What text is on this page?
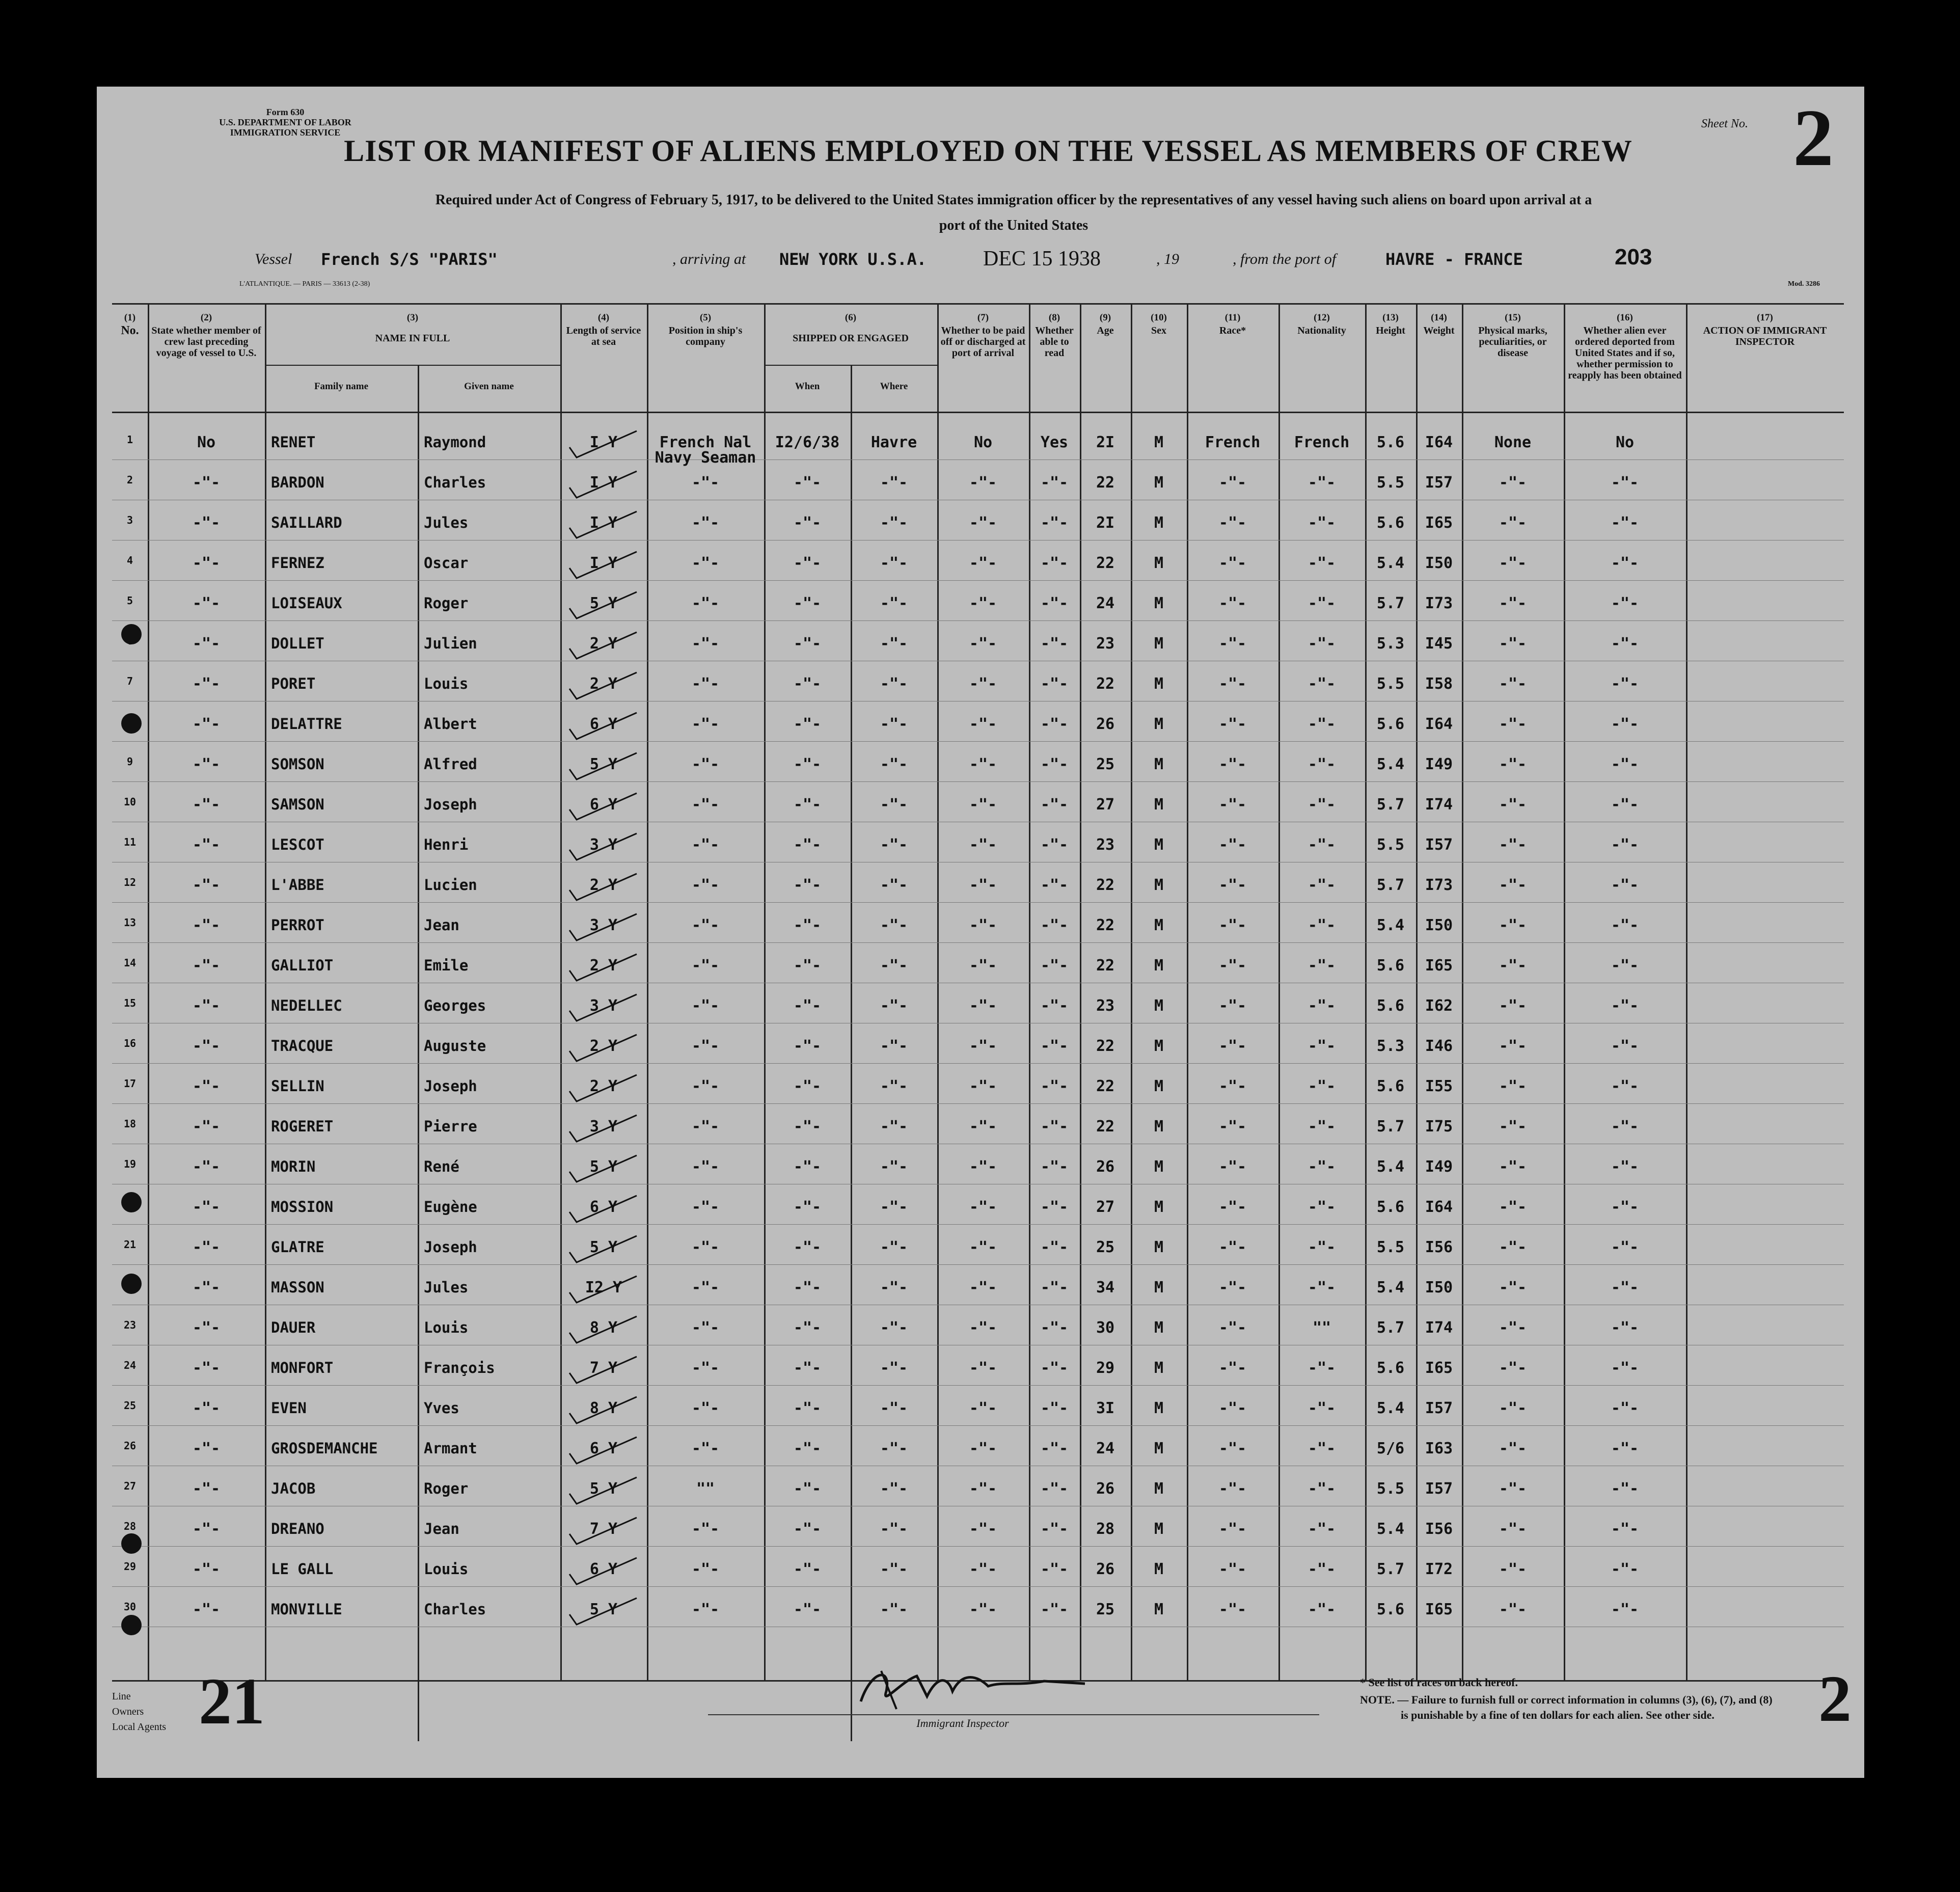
Form 630
U.S. DEPARTMENT OF LABOR
IMMIGRATION SERVICE
LIST OR MANIFEST OF ALIENS EMPLOYED ON THE VESSEL AS MEMBERS OF CREW
Sheet No. 2
Required under Act of Congress of February 5, 1917, to be delivered to the United States immigration officer by the representatives of any vessel having such aliens on board upon arrival at a
port of the United States
Vessel French S/S "PARIS"	, arriving at NEW YORK U.S.A.	DEC 15 1938	, 19	, from the port of	HAVRE - FRANCE	203
L'ATLANTIQUE. — PARIS — 33613 (2-38)	Mod. 3286
(1)
No.
(2)
State whether member of crew last preceding voyage of vessel to U.S.
(3)
NAME IN FULL
Family name	Given name
(4)
Length of service at sea
(5)
Position in ship's company
(6)
SHIPPED OR ENGAGED
When	Where
(7)
Whether to be paid off or discharged at port of arrival
(8)
Whether able to read
(9)
Age
(10)
Sex
(11)
Race*
(12)
Nationality
(13)
Height
(14)
Weight
(15)
Physical marks, peculiarities, or disease
(16)
Whether alien ever ordered deported from United States and if so, whether permission to reapply has been obtained
(17)
ACTION OF IMMIGRANT INSPECTOR
1	No	RENET	Raymond	I Y	French Nal	I2/6/38	Havre	No	Yes	2I	M	French	French	5.6	I64	None	No
Navy Seaman
2	-"-	BARDON	Charles	I Y	-"-	-"-	-"-	-"-	-"-	22	M	-"-	-"-	5.5	I57	-"-	-"-
3	-"-	SAILLARD	Jules	I Y	-"-	-"-	-"-	-"-	-"-	2I	M	-"-	-"-	5.6	I65	-"-	-"-
4	-"-	FERNEZ	Oscar	I Y	-"-	-"-	-"-	-"-	-"-	22	M	-"-	-"-	5.4	I50	-"-	-"-
5	-"-	LOISEAUX	Roger	5 Y	-"-	-"-	-"-	-"-	-"-	24	M	-"-	-"-	5.7	I73	-"-	-"-
-"-	DOLLET	Julien	2 Y	-"-	-"-	-"-	-"-	-"-	23	M	-"-	-"-	5.3	I45	-"-	-"-
7	-"-	PORET	Louis	2 Y	-"-	-"-	-"-	-"-	-"-	22	M	-"-	-"-	5.5	I58	-"-	-"-
-"-	DELATTRE	Albert	6 Y	-"-	-"-	-"-	-"-	-"-	26	M	-"-	-"-	5.6	I64	-"-	-"-
9	-"-	SOMSON	Alfred	5 Y	-"-	-"-	-"-	-"-	-"-	25	M	-"-	-"-	5.4	I49	-"-	-"-
10	-"-	SAMSON	Joseph	6 Y	-"-	-"-	-"-	-"-	-"-	27	M	-"-	-"-	5.7	I74	-"-	-"-
11	-"-	LESCOT	Henri	3 Y	-"-	-"-	-"-	-"-	-"-	23	M	-"-	-"-	5.5	I57	-"-	-"-
12	-"-	L'ABBE	Lucien	2 Y	-"-	-"-	-"-	-"-	-"-	22	M	-"-	-"-	5.7	I73	-"-	-"-
13	-"-	PERROT	Jean	3 Y	-"-	-"-	-"-	-"-	-"-	22	M	-"-	-"-	5.4	I50	-"-	-"-
14	-"-	GALLIOT	Emile	2 Y	-"-	-"-	-"-	-"-	-"-	22	M	-"-	-"-	5.6	I65	-"-	-"-
15	-"-	NEDELLEC	Georges	3 Y	-"-	-"-	-"-	-"-	-"-	23	M	-"-	-"-	5.6	I62	-"-	-"-
16	-"-	TRACQUE	Auguste	2 Y	-"-	-"-	-"-	-"-	-"-	22	M	-"-	-"-	5.3	I46	-"-	-"-
17	-"-	SELLIN	Joseph	2 Y	-"-	-"-	-"-	-"-	-"-	22	M	-"-	-"-	5.6	I55	-"-	-"-
18	-"-	ROGERET	Pierre	3 Y	-"-	-"-	-"-	-"-	-"-	22	M	-"-	-"-	5.7	I75	-"-	-"-
19	-"-	MORIN	René	5 Y	-"-	-"-	-"-	-"-	-"-	26	M	-"-	-"-	5.4	I49	-"-	-"-
-"-	MOSSION	Eugène	6 Y	-"-	-"-	-"-	-"-	-"-	27	M	-"-	-"-	5.6	I64	-"-	-"-
21	-"-	GLATRE	Joseph	5 Y	-"-	-"-	-"-	-"-	-"-	25	M	-"-	-"-	5.5	I56	-"-	-"-
-"-	MASSON	Jules	I2 Y	-"-	-"-	-"-	-"-	-"-	34	M	-"-	-"-	5.4	I50	-"-	-"-
23	-"-	DAUER	Louis	8 Y	-"-	-"-	-"-	-"-	-"-	30	M	-"-	""	5.7	I74	-"-	-"-
24	-"-	MONFORT	François	7 Y	-"-	-"-	-"-	-"-	-"-	29	M	-"-	-"-	5.6	I65	-"-	-"-
25	-"-	EVEN	Yves	8 Y	-"-	-"-	-"-	-"-	-"-	3I	M	-"-	-"-	5.4	I57	-"-	-"-
26	-"-	GROSDEMANCHE	Armant	6 Y	-"-	-"-	-"-	-"-	-"-	24	M	-"-	-"-	5/6	I63	-"-	-"-
27	-"-	JACOB	Roger	5 Y	""	-"-	-"-	-"-	-"-	26	M	-"-	-"-	5.5	I57	-"-	-"-
28	-"-	DREANO	Jean	7 Y	-"-	-"-	-"-	-"-	-"-	28	M	-"-	-"-	5.4	I56	-"-	-"-
29	-"-	LE GALL	Louis	6 Y	-"-	-"-	-"-	-"-	-"-	26	M	-"-	-"-	5.7	I72	-"-	-"-
30	-"-	MONVILLE	Charles	5 Y	-"-	-"-	-"-	-"-	-"-	25	M	-"-	-"-	5.6	I65	-"-	-"-
Line
Owners
Local Agents 21	Immigrant Inspector
* See list of races on back hereof.
NOTE. — Failure to furnish full or correct information in columns (3), (6), (7), and (8)
is punishable by a fine of ten dollars for each alien. See other side.	2
